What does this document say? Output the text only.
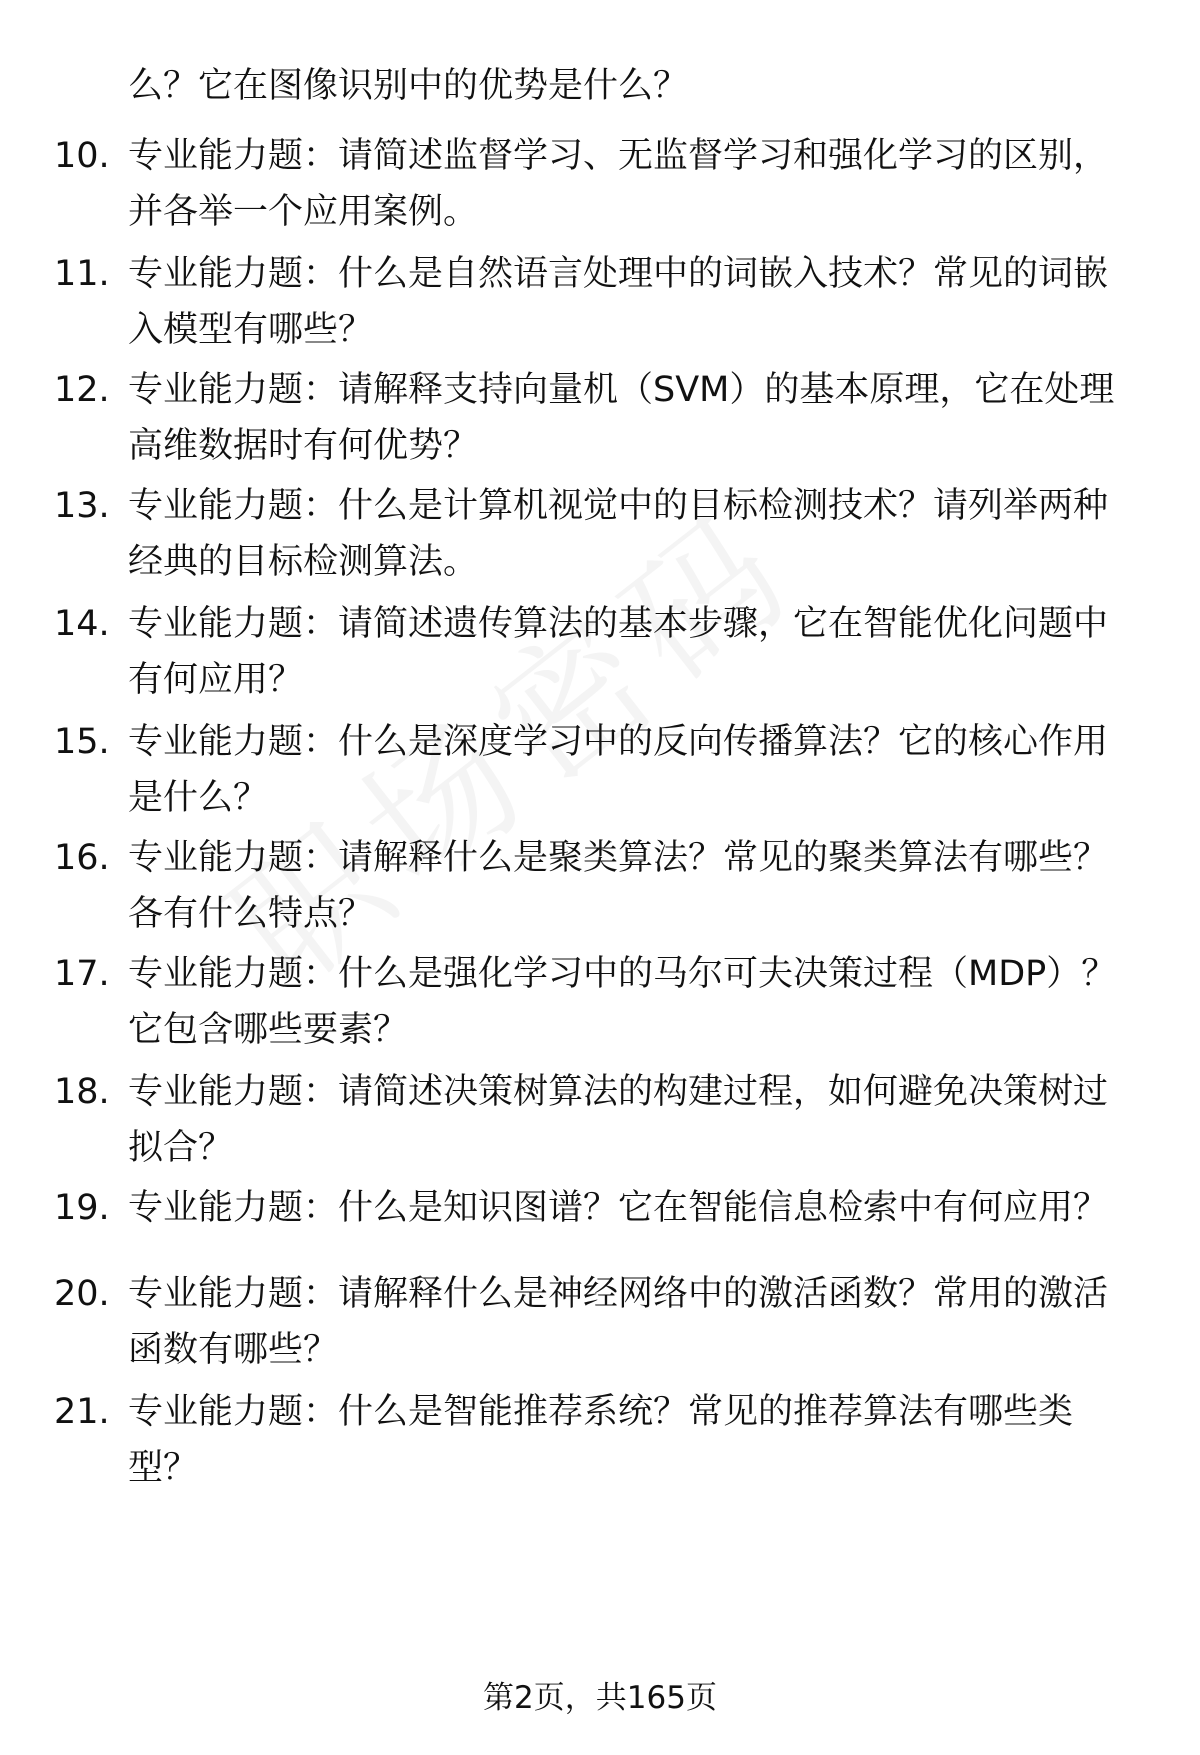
么？它在图像识别中的优势是什么？
10. 专业能力题：请简述监督学习、无监督学习和强化学习的区别，
并各举一个应用案例。
11. 专业能力题：什么是自然语言处理中的词嵌入技术？常见的词嵌
入模型有哪些？
12. 专业能力题：请解释支持向量机（SVM）的基本原理，它在处理
高维数据时有何优势？
13. 专业能力题：什么是计算机视觉中的目标检测技术？请列举两种
经典的目标检测算法。
14. 专业能力题：请简述遗传算法的基本步骤，它在智能优化问题中
有何应用？
15. 专业能力题：什么是深度学习中的反向传播算法？它的核心作用
是什么？
16. 专业能力题：请解释什么是聚类算法？常见的聚类算法有哪些？
各有什么特点？
17. 专业能力题：什么是强化学习中的马尔可夫决策过程（MDP）？
它包含哪些要素？
18. 专业能力题：请简述决策树算法的构建过程，如何避免决策树过
拟合？
19. 专业能力题：什么是知识图谱？它在智能信息检索中有何应用？
20. 专业能力题：请解释什么是神经网络中的激活函数？常用的激活
函数有哪些？
21. 专业能力题：什么是智能推荐系统？常见的推荐算法有哪些类
型？
第2页，共165页
